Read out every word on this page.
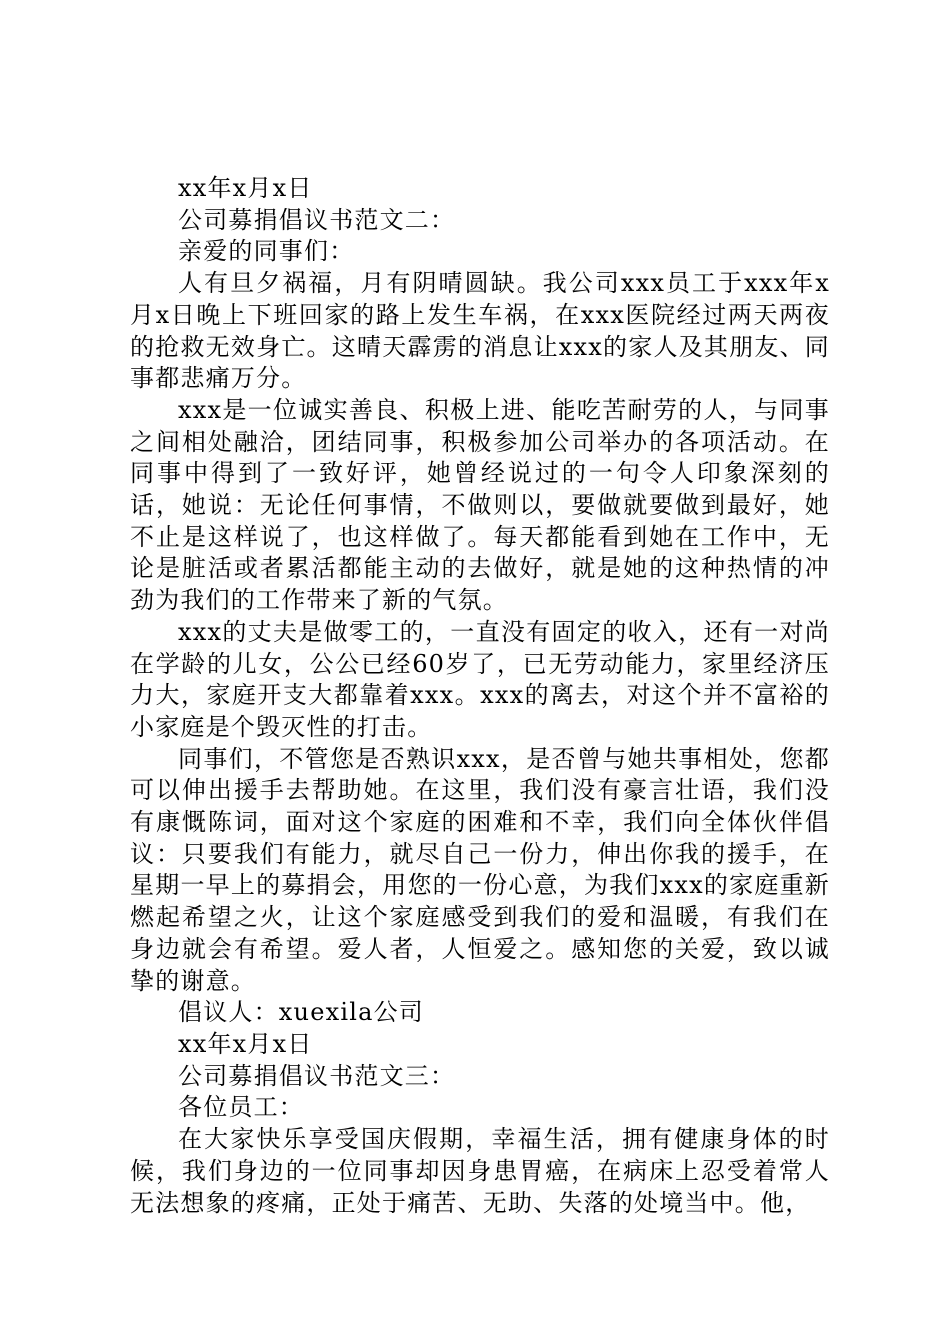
xx年x月x日

公司募捐倡议书范文二：

亲爱的同事们：

人有旦夕祸福，月有阴晴圆缺。我公司xxx员工于xxx年x月x日晚上下班回家的路上发生车祸，在xxx医院经过两天两夜的抢救无效身亡。这晴天霹雳的消息让xxx的家人及其朋友、同事都悲痛万分。

xxx是一位诚实善良、积极上进、能吃苦耐劳的人，与同事之间相处融洽，团结同事，积极参加公司举办的各项活动。在同事中得到了一致好评，她曾经说过的一句令人印象深刻的话，她说：无论任何事情，不做则以，要做就要做到最好，她不止是这样说了，也这样做了。每天都能看到她在工作中，无论是脏活或者累活都能主动的去做好，就是她的这种热情的冲劲为我们的工作带来了新的气氛。

xxx的丈夫是做零工的，一直没有固定的收入，还有一对尚在学龄的儿女，公公已经60岁了，已无劳动能力，家里经济压力大，家庭开支大都靠着xxx。xxx的离去，对这个并不富裕的小家庭是个毁灭性的打击。

同事们，不管您是否熟识xxx，是否曾与她共事相处，您都可以伸出援手去帮助她。在这里，我们没有豪言壮语，我们没有康慨陈词，面对这个家庭的困难和不幸，我们向全体伙伴倡议：只要我们有能力，就尽自己一份力，伸出你我的援手，在星期一早上的募捐会，用您的一份心意，为我们xxx的家庭重新燃起希望之火，让这个家庭感受到我们的爱和温暖，有我们在身边就会有希望。爱人者，人恒爱之。感知您的关爱，致以诚挚的谢意。

倡议人：xuexila公司

xx年x月x日

公司募捐倡议书范文三：

各位员工：

在大家快乐享受国庆假期，幸福生活，拥有健康身体的时候，我们身边的一位同事却因身患胃癌，在病床上忍受着常人无法想象的疼痛，正处于痛苦、无助、失落的处境当中。他，
